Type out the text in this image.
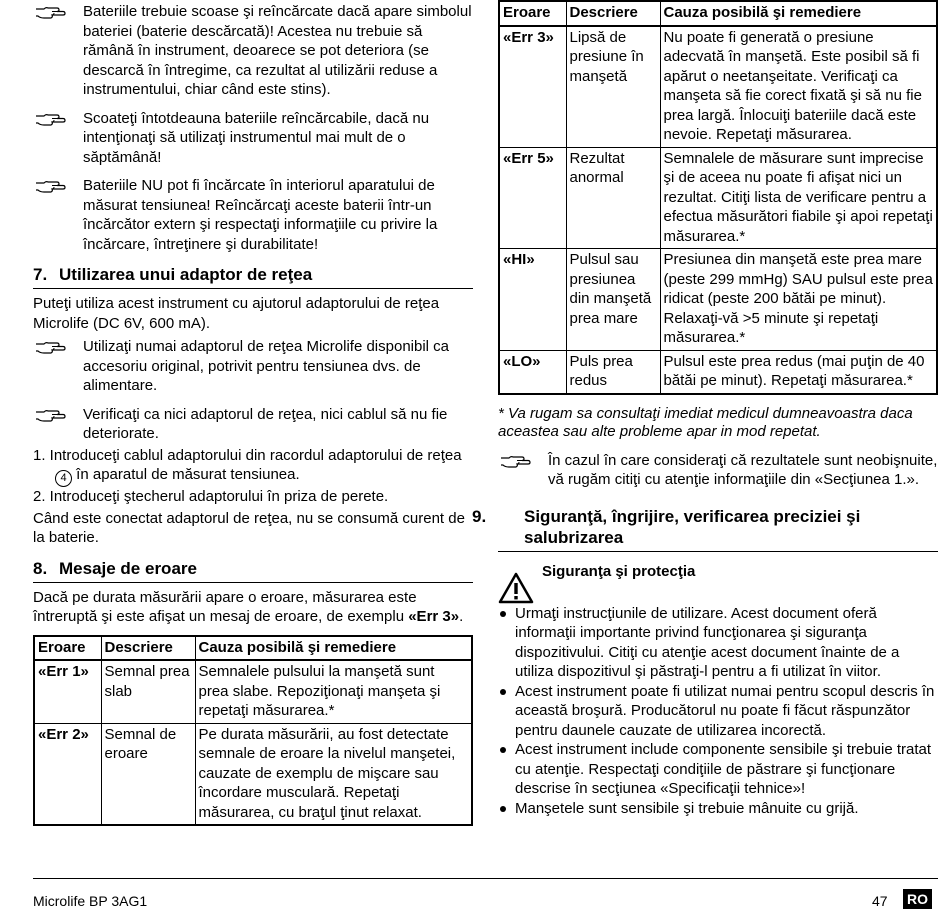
Bateriile trebuie scoase şi reîncărcate dacă apare simbolul bateriei (baterie descărcată)! Acestea nu trebuie să rămână în instrument, deoarece se pot deteriora (se descarcă în întregime, ca rezultat al utilizării reduse a instrumentului, chiar când este stins).
Scoateţi întotdeauna bateriile reîncărcabile, dacă nu intenţionaţi să utilizaţi instrumentul mai mult de o săptămână!
Bateriile NU pot fi încărcate în interiorul aparatului de măsurat tensiunea! Reîncărcaţi aceste baterii într-un încărcător extern şi respectaţi informaţiile cu privire la încărcare, întreţinere şi durabilitate!
7. Utilizarea unui adaptor de reţea

Puteţi utiliza acest instrument cu ajutorul adaptorului de reţea Microlife (DC 6V, 600 mA).

Utilizaţi numai adaptorul de reţea Microlife disponibil ca accesoriu original, potrivit pentru tensiunea dvs. de alimentare.
Verificaţi ca nici adaptorul de reţea, nici cablul să nu fie deteriorate.
1. Introduceţi cablul adaptorului din racordul adaptorului de reţea
4 în aparatul de măsurat tensiunea.
2. Introduceţi ştecherul adaptorului în priza de perete.

Când este conectat adaptorul de reţea, nu se consumă curent de la baterie.

8. Mesaje de eroare

Dacă pe durata măsurării apare o eroare, măsurarea este întreruptă şi este afişat un mesaj de eroare, de exemplu «Err 3».

Eroare	Descriere	Cauza posibilă şi remediere
«Err 1»	Semnal prea slab	Semnalele pulsului la manşetă sunt prea slabe. Repoziţionaţi manşeta şi repetaţi măsurarea.*
«Err 2»	Semnal de eroare	Pe durata măsurării, au fost detectate semnale de eroare la nivelul manşetei, cauzate de exemplu de mişcare sau încordare musculară. Repetaţi măsurarea, cu braţul ţinut relaxat.
Eroare	Descriere	Cauza posibilă şi remediere
«Err 3»	Lipsă de presiune în manşetă	Nu poate fi generată o presiune adecvată în manşetă. Este posibil să fi apărut o neetanşeitate. Verificaţi ca manşeta să fie corect fixată şi să nu fie prea largă. Înlocuiţi bateriile dacă este nevoie. Repetaţi măsurarea.
«Err 5»	Rezultat anormal	Semnalele de măsurare sunt imprecise şi de aceea nu poate fi afişat nici un rezultat. Citiţi lista de verificare pentru a efectua măsurători fiabile şi apoi repetaţi măsurarea.*
«HI»	Pulsul sau presiunea din manşetă prea mare	Presiunea din manşetă este prea mare (peste 299 mmHg) SAU pulsul este prea ridicat (peste 200 bătăi pe minut). Relaxaţi-vă >5 minute şi repetaţi măsurarea.*
«LO»	Puls prea redus	Pulsul este prea redus (mai puţin de 40 bătăi pe minut). Repetaţi măsurarea.*

* Va rugam sa consultaţi imediat medicul dumneavoastra daca aceastea sau alte probleme apar in mod repetat.

În cazul în care consideraţi că rezultatele sunt neobişnuite, vă rugăm citiţi cu atenţie informaţiile din «Secţiunea 1.».
9. Siguranţă, îngrijire, verificarea preciziei şi salubrizarea
Siguranţa şi protecţia
Urmaţi instrucţiunile de utilizare. Acest document oferă informaţii importante privind funcţionarea şi siguranţa dispozitivului. Citiţi cu atenţie acest document înainte de a utiliza dispozitivul şi păstraţi-l pentru a fi utilizat în viitor.
Acest instrument poate fi utilizat numai pentru scopul descris în această broşură. Producătorul nu poate fi făcut răspunzător pentru daunele cauzate de utilizarea incorectă.
Acest instrument include componente sensibile şi trebuie tratat cu atenţie. Respectaţi condiţiile de păstrare şi funcţionare descrise în secţiunea «Specificaţii tehnice»!
Manşetele sunt sensibile şi trebuie mânuite cu grijă.
Microlife BP 3AG1	47 RO
